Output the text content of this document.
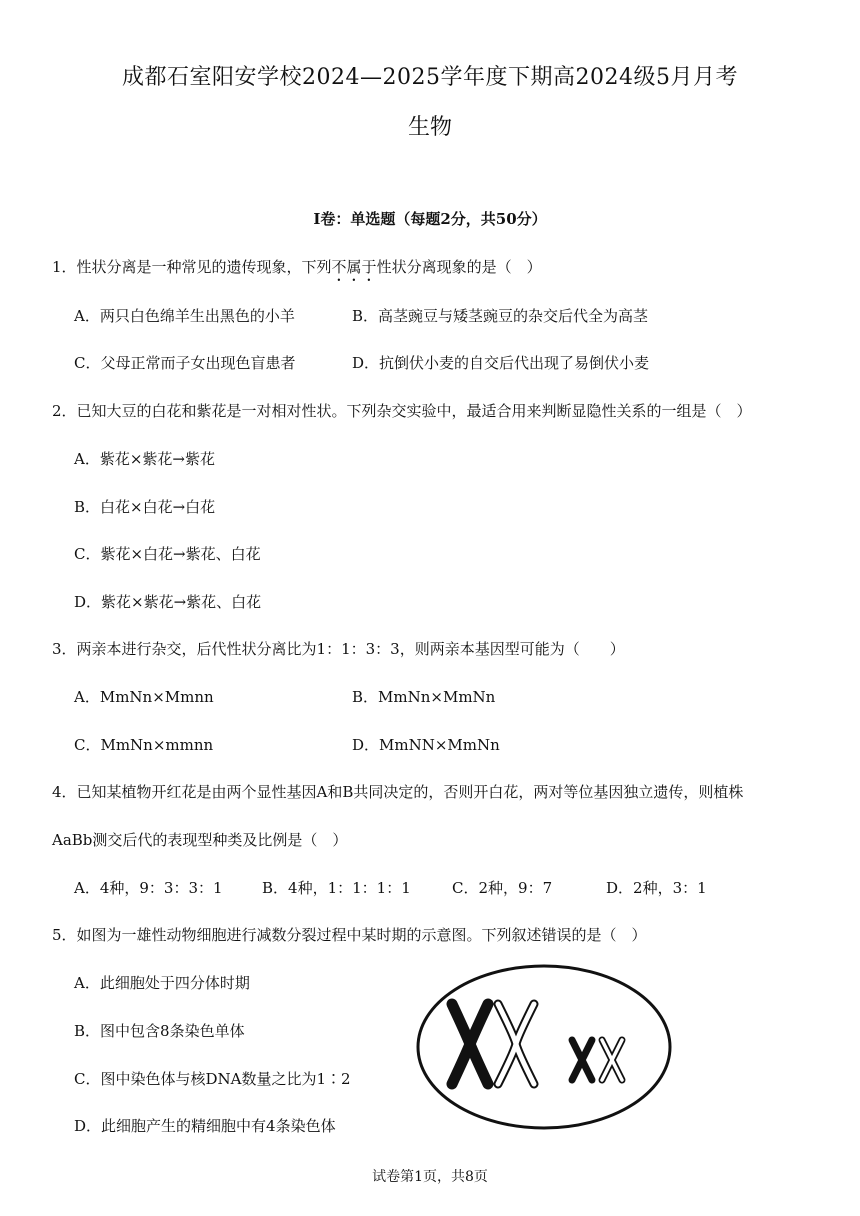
成都石室阳安学校2024—2025学年度下期高2024级5月月考
生物
Ⅰ卷：单选题（每题2分，共50分）
1．性状分离是一种常见的遗传现象，下列不属于性状分离现象的是（　）
A．两只白色绵羊生出黑色的小羊	B．高茎豌豆与矮茎豌豆的杂交后代全为高茎
C．父母正常而子女出现色盲患者	D．抗倒伏小麦的自交后代出现了易倒伏小麦
2．已知大豆的白花和紫花是一对相对性状。下列杂交实验中，最适合用来判断显隐性关系的一组是（　）
A．紫花×紫花→紫花
B．白花×白花→白花
C．紫花×白花→紫花、白花
D．紫花×紫花→紫花、白花
3．两亲本进行杂交，后代性状分离比为1：1：3：3，则两亲本基因型可能为（　　）
A．MmNn×Mmnn	B．MmNn×MmNn
C．MmNn×mmnn	D．MmNN×MmNn
4．已知某植物开红花是由两个显性基因A和B共同决定的，否则开白花，两对等位基因独立遗传，则植株
AaBb测交后代的表现型种类及比例是（　）
A．4种，9：3：3：1	B．4种，1：1：1：1	C．2种，9：7	D．2种，3：1
5．如图为一雄性动物细胞进行减数分裂过程中某时期的示意图。下列叙述错误的是（　）
A．此细胞处于四分体时期
B．图中包含8条染色单体
C．图中染色体与核DNA数量之比为1∶2
D．此细胞产生的精细胞中有4条染色体
试卷第1页，共8页
